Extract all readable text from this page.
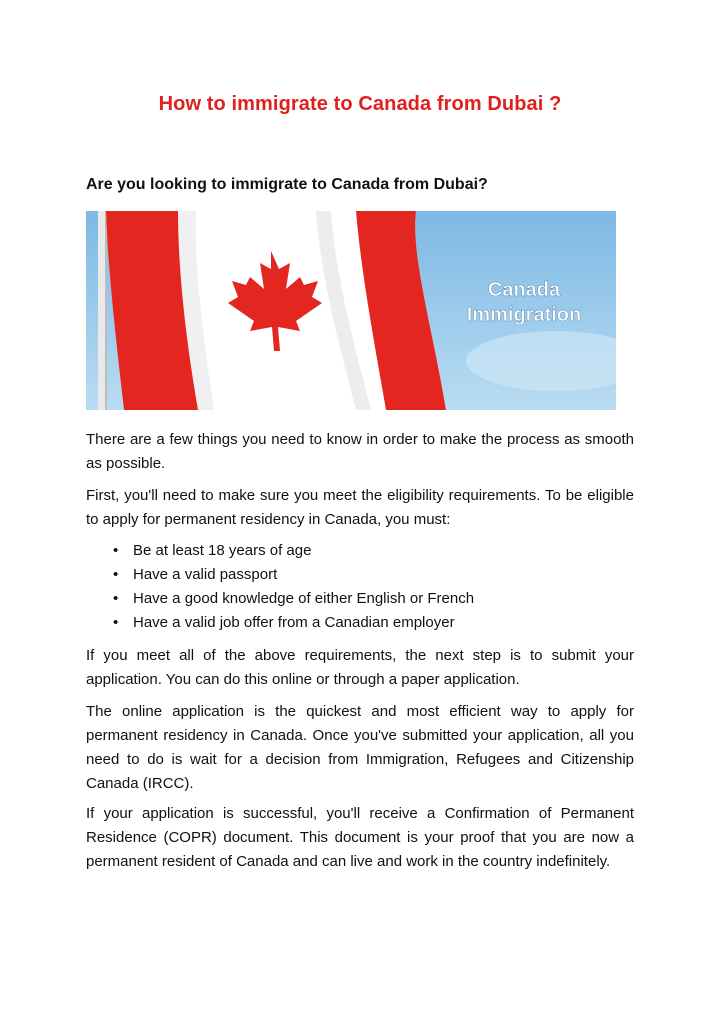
How to immigrate to Canada from Dubai ?
Are you looking to immigrate to Canada from Dubai?
Canada
Immigration

There are a few things you need to know in order to make the process as smooth as possible.

First, you'll need to make sure you meet the eligibility requirements. To be eligible to apply for permanent residency in Canada, you must:

• Be at least 18 years of age
• Have a valid passport
• Have a good knowledge of either English or French
• Have a valid job offer from a Canadian employer

If you meet all of the above requirements, the next step is to submit your application. You can do this online or through a paper application.

The online application is the quickest and most efficient way to apply for permanent residency in Canada. Once you've submitted your application, all you need to do is wait for a decision from Immigration, Refugees and Citizenship Canada (IRCC).

If your application is successful, you'll receive a Confirmation of Permanent Residence (COPR) document. This document is your proof that you are now a permanent resident of Canada and can live and work in the country indefinitely.
